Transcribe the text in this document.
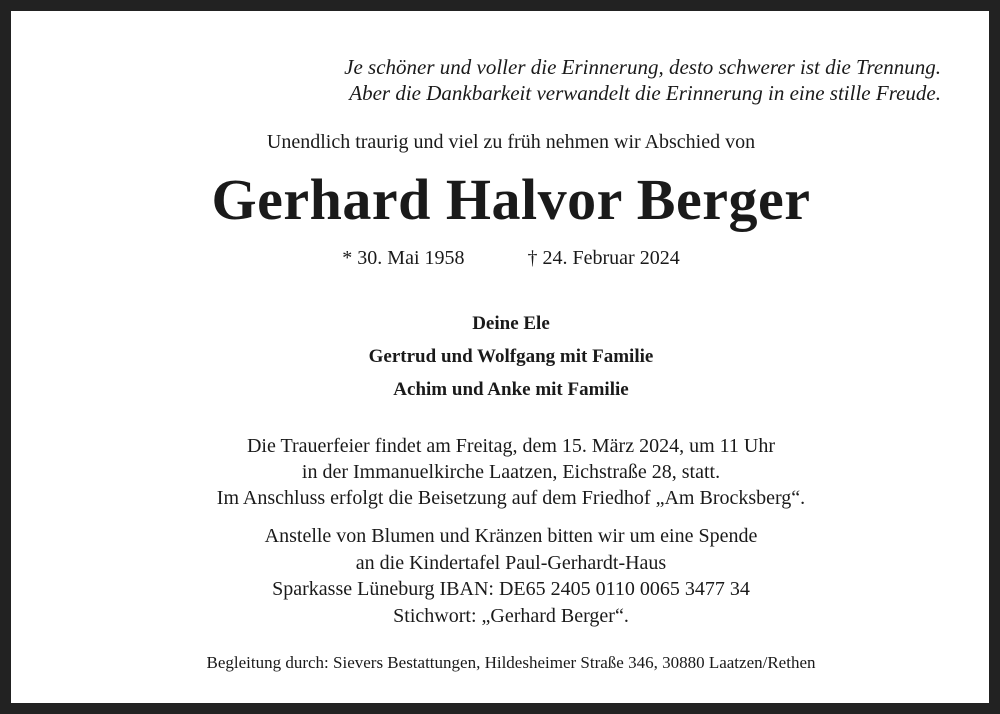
Je schöner und voller die Erinnerung, desto schwerer ist die Trennung.
Aber die Dankbarkeit verwandelt die Erinnerung in eine stille Freude.
Unendlich traurig und viel zu früh nehmen wir Abschied von
Gerhard Halvor Berger
* 30. Mai 1958	† 24. Februar 2024
Deine Ele
Gertrud und Wolfgang mit Familie
Achim und Anke mit Familie
Die Trauerfeier findet am Freitag, dem 15. März 2024, um 11 Uhr
in der Immanuelkirche Laatzen, Eichstraße 28, statt.
Im Anschluss erfolgt die Beisetzung auf dem Friedhof „Am Brocksberg“.
Anstelle von Blumen und Kränzen bitten wir um eine Spende
an die Kindertafel Paul-Gerhardt-Haus
Sparkasse Lüneburg IBAN: DE65 2405 0110 0065 3477 34
Stichwort: „Gerhard Berger“.
Begleitung durch: Sievers Bestattungen, Hildesheimer Straße 346, 30880 Laatzen/Rethen
